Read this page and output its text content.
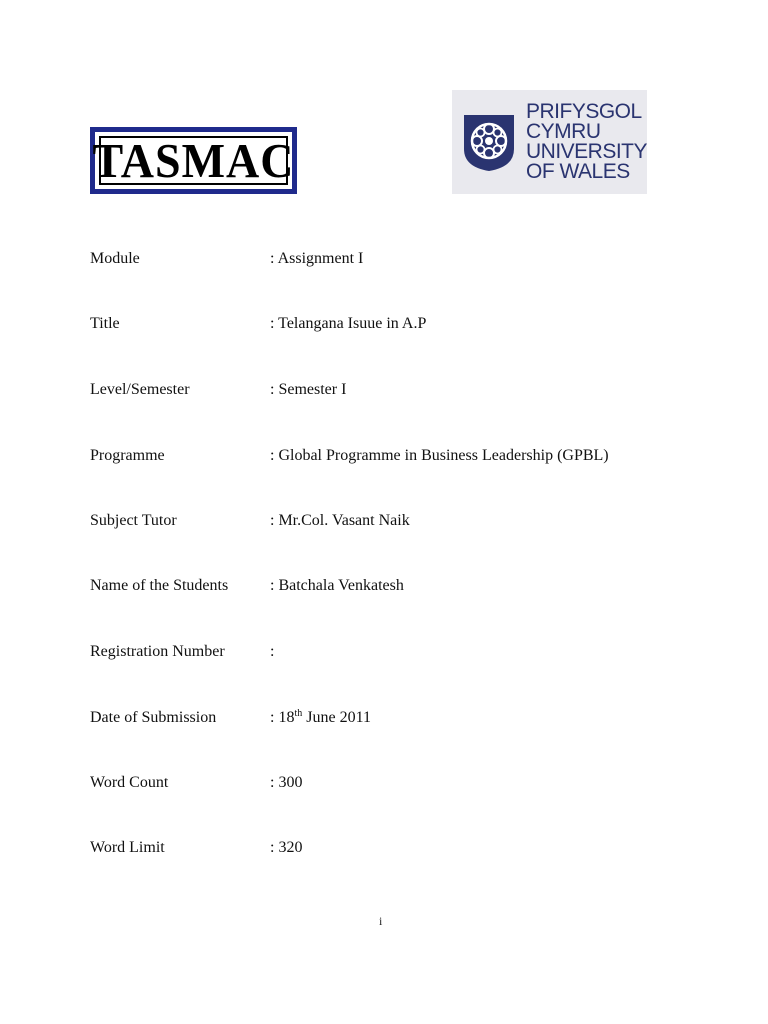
TASMAC
PRIFYSGOL
CYMRU
UNIVERSITY
OF WALES
Module	: Assignment I
Title	: Telangana Isuue in A.P
Level/Semester	: Semester I
Programme	: Global Programme in Business Leadership (GPBL)
Subject Tutor	: Mr.Col. Vasant Naik
Name of the Students	: Batchala Venkatesh
Registration Number	:
Date of Submission	: 18th June 2011
Word Count	: 300
Word Limit	: 320
i
